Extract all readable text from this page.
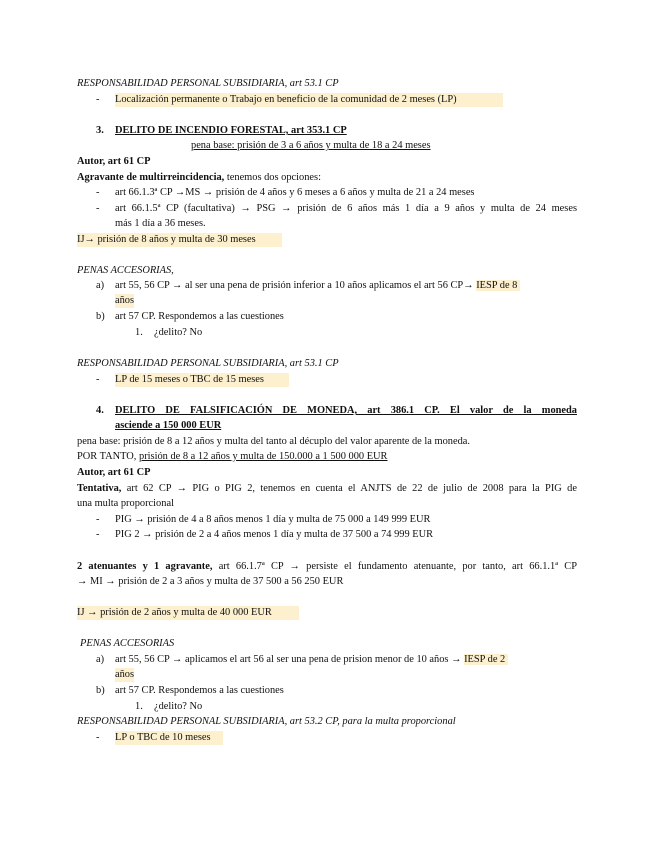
RESPONSABILIDAD PERSONAL SUBSIDIARIA, art 53.1 CP
- Localización permanente o Trabajo en beneficio de la comunidad de 2 meses (LP)
3. DELITO DE INCENDIO FORESTAL, art 353.1 CP
pena base: prisión de 3 a 6 años y multa de 18 a 24 meses
Autor, art 61 CP
Agravante de multirreincidencia, tenemos dos opciones:
- art 66.1.3ª CP →MS → prisión de 4 años y 6 meses a 6 años y multa de 21 a 24 meses
- art 66.1.5ª CP (facultativa) → PSG → prisión de 6 años más 1 día a 9 años y multa de 24 meses
más 1 día a 36 meses.
IJ→ prisión de 8 años y multa de 30 meses
PENAS ACCESORIAS,
a) art 55, 56 CP → al ser una pena de prisión inferior a 10 años aplicamos el art 56 CP→ IESP de 8
años
b) art 57 CP. Respondemos a las cuestiones
1. ¿delito? No
RESPONSABILIDAD PERSONAL SUBSIDIARIA, art 53.1 CP
- LP de 15 meses o TBC de 15 meses
4. DELITO DE FALSIFICACIÓN DE MONEDA, art 386.1 CP. El valor de la moneda
asciende a 150 000 EUR
pena base: prisión de 8 a 12 años y multa del tanto al décuplo del valor aparente de la moneda.
POR TANTO, prisión de 8 a 12 años y multa de 150.000 a 1 500 000 EUR
Autor, art 61 CP
Tentativa, art 62 CP → PIG o PIG 2, tenemos en cuenta el ANJTS de 22 de julio de 2008 para la PIG de
una multa proporcional
- PIG → prisión de 4 a 8 años menos 1 día y multa de 75 000 a 149 999 EUR
- PIG 2 → prisión de 2 a 4 años menos 1 día y multa de 37 500 a 74 999 EUR
2 atenuantes y 1 agravante, art 66.1.7ª CP → persiste el fundamento atenuante, por tanto, art 66.1.1ª CP
→ MI → prisión de 2 a 3 años y multa de 37 500 a 56 250 EUR
IJ → prisión de 2 años y multa de 40 000 EUR
PENAS ACCESORIAS
a) art 55, 56 CP → aplicamos el art 56 al ser una pena de prision menor de 10 años → IESP de 2
años
b) art 57 CP. Respondemos a las cuestiones
1. ¿delito? No
RESPONSABILIDAD PERSONAL SUBSIDIARIA, art 53.2 CP, para la multa proporcional
- LP o TBC de 10 meses
